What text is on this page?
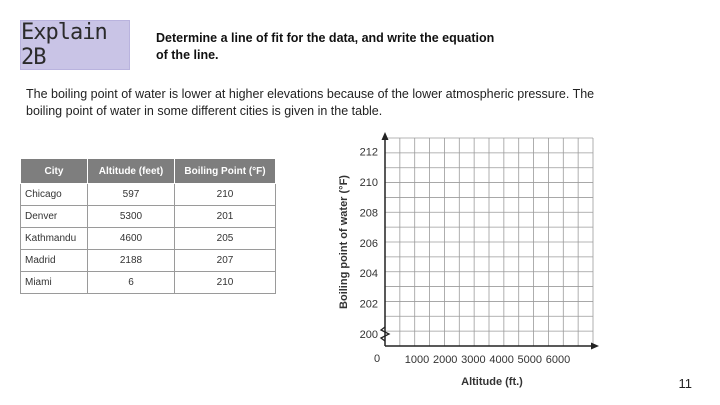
Explain 2B
Determine a line of fit for the data, and write the equation of the line.
The boiling point of water is lower at higher elevations because of the lower atmospheric pressure. The boiling point of water in some different cities is given in the table.
City	Altitude (feet)	Boiling Point (°F)
Chicago	597	210
Denver	5300	201
Kathmandu	4600	205
Madrid	2188	207
Miami	6	210
200
202
204
206
208
210
212
1000 2000 3000 4000 5000 6000
0
Altitude (ft.)
Boiling point of water (°F)
11
